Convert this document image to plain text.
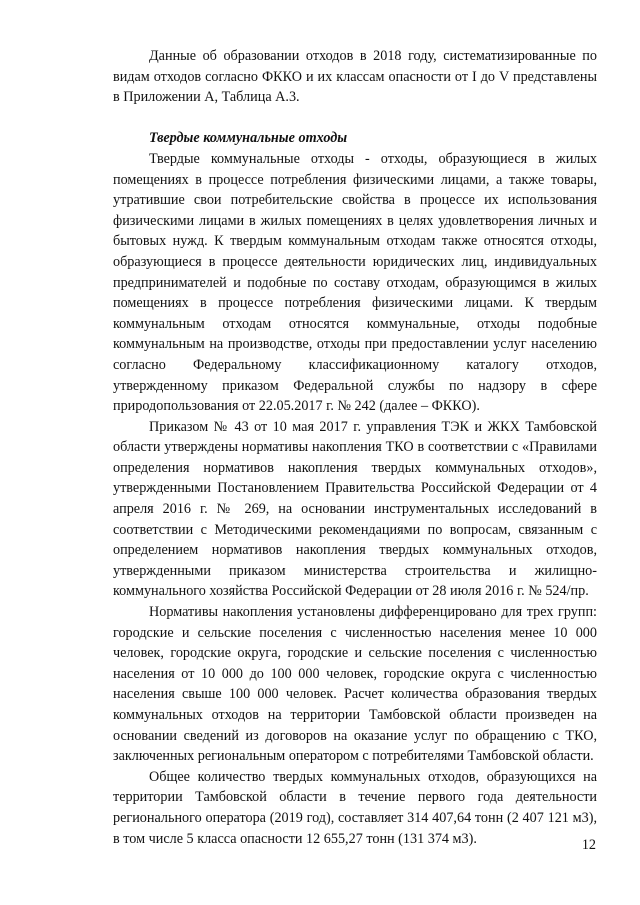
Данные об образовании отходов в 2018 году, систематизированные по видам отходов согласно ФККО и их классам опасности от I до V представлены в Приложении А, Таблица А.3.

Твердые коммунальные отходы

Твердые коммунальные отходы - отходы, образующиеся в жилых помещениях в процессе потребления физическими лицами, а также товары, утратившие свои потребительские свойства в процессе их использования физическими лицами в жилых помещениях в целях удовлетворения личных и бытовых нужд. К твердым коммунальным отходам также относятся отходы, образующиеся в процессе деятельности юридических лиц, индивидуальных предпринимателей и подобные по составу отходам, образующимся в жилых помещениях в процессе потребления физическими лицами. К твердым коммунальным отходам относятся коммунальные, отходы подобные коммунальным на производстве, отходы при предоставлении услуг населению согласно Федеральному классификационному каталогу отходов, утвержденному приказом Федеральной службы по надзору в сфере природопользования от 22.05.2017 г. № 242 (далее – ФККО).

Приказом № 43 от 10 мая 2017 г. управления ТЭК и ЖКХ Тамбовской области утверждены нормативы накопления ТКО в соответствии с «Правилами определения нормативов накопления твердых коммунальных отходов», утвержденными Постановлением Правительства Российской Федерации от 4 апреля 2016 г. № 269, на основании инструментальных исследований в соответствии с Методическими рекомендациями по вопросам, связанным с определением нормативов накопления твердых коммунальных отходов, утвержденными приказом министерства строительства и жилищно-коммунального хозяйства Российской Федерации от 28 июля 2016 г. № 524/пр.

Нормативы накопления установлены дифференцировано для трех групп: городские и сельские поселения с численностью населения менее 10 000 человек, городские округа, городские и сельские поселения с численностью населения от 10 000 до 100 000 человек, городские округа с численностью населения свыше 100 000 человек. Расчет количества образования твердых коммунальных отходов на территории Тамбовской области произведен на основании сведений из договоров на оказание услуг по обращению с ТКО, заключенных региональным оператором с потребителями Тамбовской области.

Общее количество твердых коммунальных отходов, образующихся на территории Тамбовской области в течение первого года деятельности регионального оператора (2019 год), составляет 314 407,64 тонн (2 407 121 м3), в том числе 5 класса опасности 12 655,27 тонн (131 374 м3).	12
